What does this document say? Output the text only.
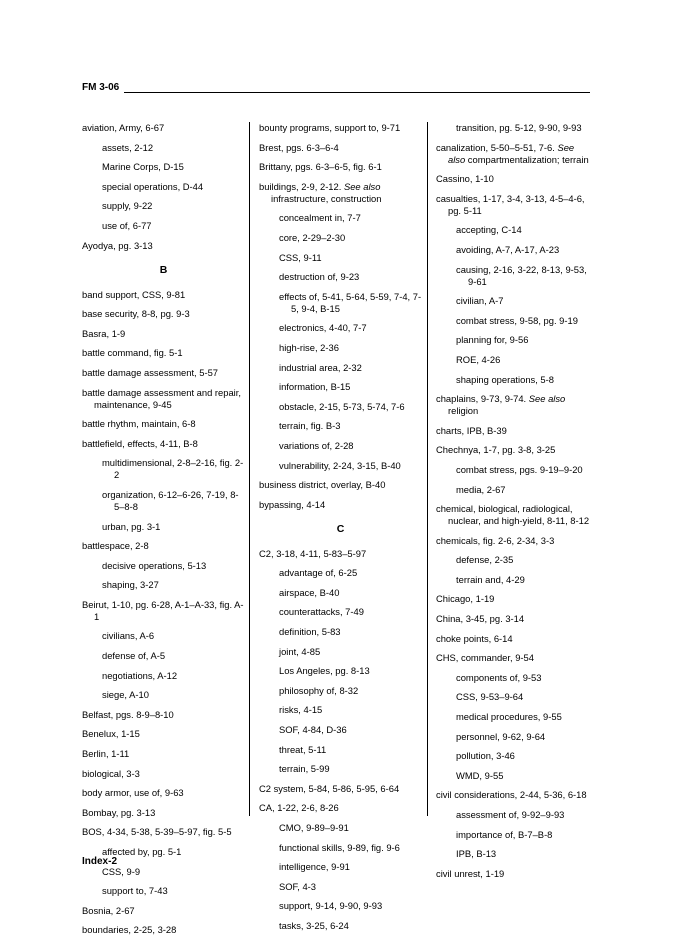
FM 3-06
aviation, Army, 6-67
assets, 2-12
Marine Corps, D-15
special operations, D-44
supply, 9-22
use of, 6-77
Ayodya, pg. 3-13
B
band support, CSS, 9-81
base security, 8-8, pg. 9-3
Basra, 1-9
battle command, fig. 5-1
battle damage assessment, 5-57
battle damage assessment and repair, maintenance, 9-45
battle rhythm, maintain, 6-8
battlefield, effects, 4-11, B-8
multidimensional, 2-8–2-16, fig. 2-2
organization, 6-12–6-26, 7-19, 8-5–8-8
urban, pg. 3-1
battlespace, 2-8
decisive operations, 5-13
shaping, 3-27
Beirut, 1-10, pg. 6-28, A-1–A-33, fig. A-1
civilians, A-6
defense of, A-5
negotiations, A-12
siege, A-10
Belfast, pgs. 8-9–8-10
Benelux, 1-15
Berlin, 1-11
biological, 3-3
body armor, use of, 9-63
Bombay, pg. 3-13
BOS, 4-34, 5-38, 5-39–5-97, fig. 5-5
affected by, pg. 5-1
CSS, 9-9
support to, 7-43
Bosnia, 2-67
boundaries, 2-25, 3-28
bounty programs, support to, 9-71
Brest, pgs. 6-3–6-4
Brittany, pgs. 6-3–6-5, fig. 6-1
buildings, 2-9, 2-12. See also infrastructure, construction
concealment in, 7-7
core, 2-29–2-30
CSS, 9-11
destruction of, 9-23
effects of, 5-41, 5-64, 5-59, 7-4, 7-5, 9-4, B-15
electronics, 4-40, 7-7
high-rise, 2-36
industrial area, 2-32
information, B-15
obstacle, 2-15, 5-73, 5-74, 7-6
terrain, fig. B-3
variations of, 2-28
vulnerability, 2-24, 3-15, B-40
business district, overlay, B-40
bypassing, 4-14
C
C2, 3-18, 4-11, 5-83–5-97
advantage of, 6-25
airspace, B-40
counterattacks, 7-49
definition, 5-83
joint, 4-85
Los Angeles, pg. 8-13
philosophy of, 8-32
risks, 4-15
SOF, 4-84, D-36
threat, 5-11
terrain, 5-99
C2 system, 5-84, 5-86, 5-95, 6-64
CA, 1-22, 2-6, 8-26
CMO, 9-89–9-91
functional skills, 9-89, fig. 9-6
intelligence, 9-91
SOF, 4-3
support, 9-14, 9-90, 9-93
tasks, 3-25, 6-24
transition, pg. 5-12, 9-90, 9-93
canalization, 5-50–5-51, 7-6. See also compartmentalization; terrain
Cassino, 1-10
casualties, 1-17, 3-4, 3-13, 4-5–4-6, pg. 5-11
accepting, C-14
avoiding, A-7, A-17, A-23
causing, 2-16, 3-22, 8-13, 9-53, 9-61
civilian, A-7
combat stress, 9-58, pg. 9-19
planning for, 9-56
ROE, 4-26
shaping operations, 5-8
chaplains, 9-73, 9-74. See also religion
charts, IPB, B-39
Chechnya, 1-7, pg. 3-8, 3-25
combat stress, pgs. 9-19–9-20
media, 2-67
chemical, biological, radiological, nuclear, and high-yield, 8-11, 8-12
chemicals, fig. 2-6, 2-34, 3-3
defense, 2-35
terrain and, 4-29
Chicago, 1-19
China, 3-45, pg. 3-14
choke points, 6-14
CHS, commander, 9-54
components of, 9-53
CSS, 9-53–9-64
medical procedures, 9-55
personnel, 9-62, 9-64
pollution, 3-46
WMD, 9-55
civil considerations, 2-44, 5-36, 6-18
assessment of, 9-92–9-93
importance of, B-7–B-8
IPB, B-13
civil unrest, 1-19
Index-2
